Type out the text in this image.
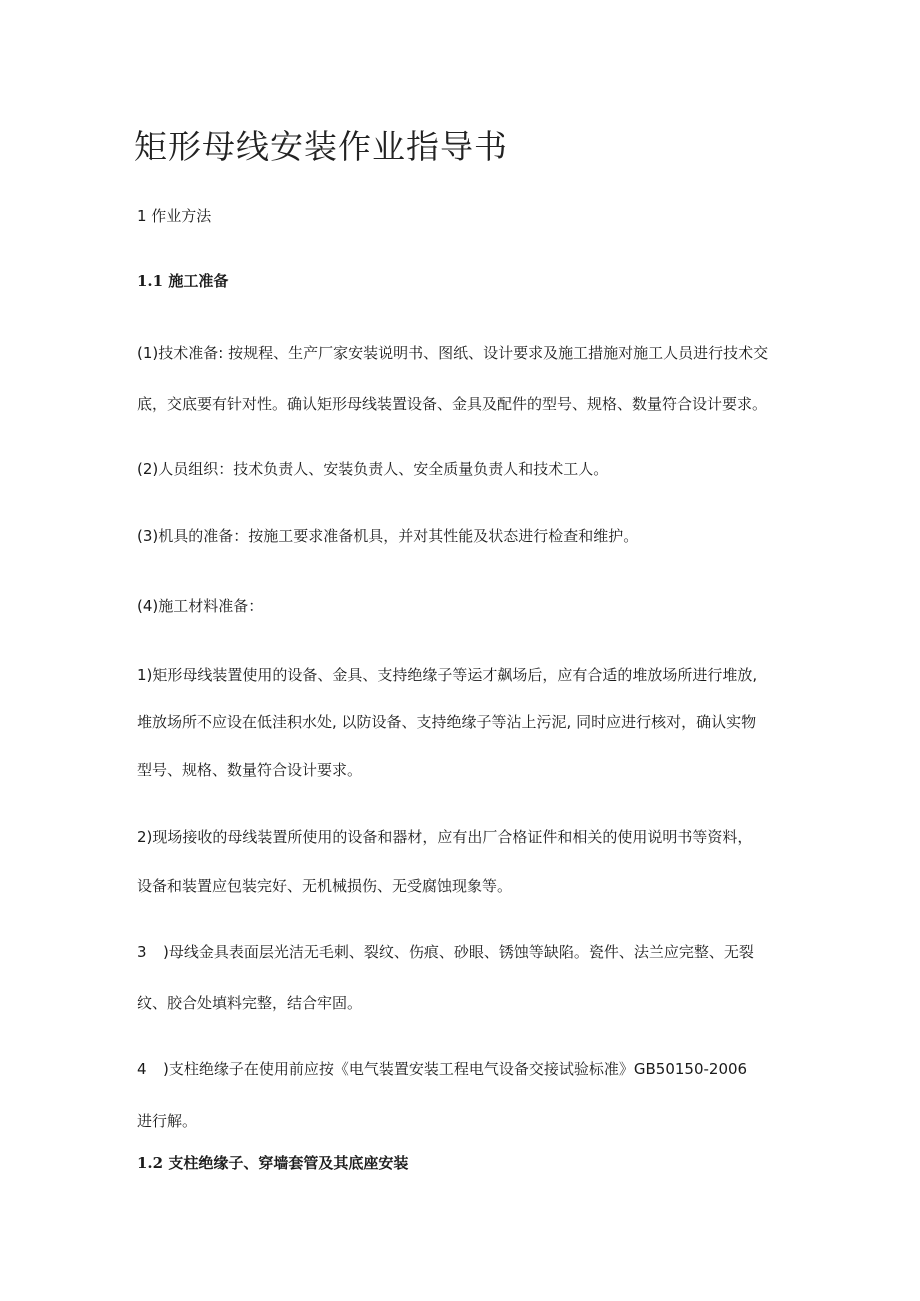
矩形母线安装作业指导书
1 作业方法
1.1 施工准备
(1)技术准备: 按规程、生产厂家安装说明书、图纸、设计要求及施工措施对施工人员进行技术交
底，交底要有针对性。确认矩形母线装置设备、金具及配件的型号、规格、数量符合设计要求。
(2)人员组织：技术负责人、安装负责人、安全质量负责人和技术工人。
(3)机具的准备：按施工要求准备机具，并对其性能及状态进行检查和维护。
(4)施工材料准备：
1)矩形母线装置使用的设备、金具、支持绝缘子等运才飙场后，应有合适的堆放场所进行堆放,
堆放场所不应设在低洼积水处, 以防设备、支持绝缘子等沾上污泥, 同时应进行核对，确认实物
型号、规格、数量符合设计要求。
2)现场接收的母线装置所使用的设备和器材，应有出厂合格证件和相关的使用说明书等资料，
设备和装置应包装完好、无机械损伤、无受腐蚀现象等。
3 )母线金具表面层光洁无毛刺、裂纹、伤痕、砂眼、锈蚀等缺陷。瓷件、法兰应完整、无裂
纹、胶合处填料完整，结合牢固。
4 )支柱绝缘子在使用前应按《电气装置安装工程电气设备交接试验标准》GB50150-2006
进行解。
1.2 支柱绝缘子、穿墙套管及其底座安装
